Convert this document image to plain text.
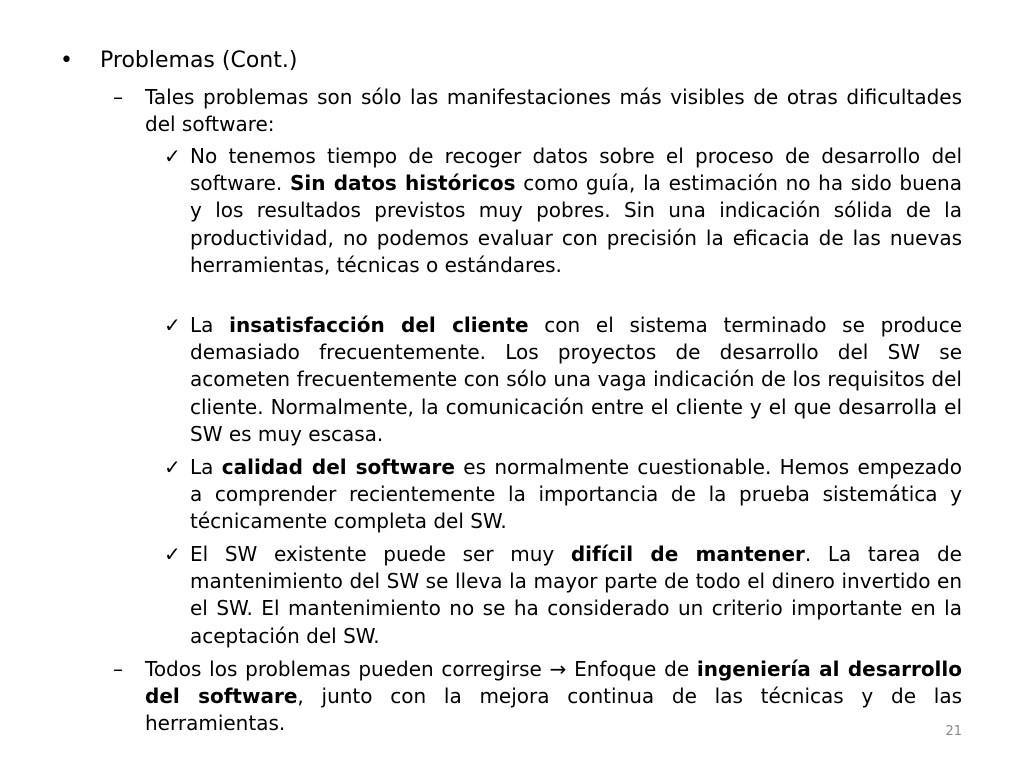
•	Problemas (Cont.)
–	Tales problemas son sólo las manifestaciones más visibles de otras dificultades del software:
✓ No tenemos tiempo de recoger datos sobre el proceso de desarrollo del software. Sin datos históricos como guía, la estimación no ha sido buena y los resultados previstos muy pobres. Sin una indicación sólida de la productividad, no podemos evaluar con precisión la eficacia de las nuevas herramientas, técnicas o estándares.
✓ La insatisfacción del cliente con el sistema terminado se produce demasiado frecuentemente. Los proyectos de desarrollo del SW se acometen frecuentemente con sólo una vaga indicación de los requisitos del cliente. Normalmente, la comunicación entre el cliente y el que desarrolla el SW es muy escasa.
✓ La calidad del software es normalmente cuestionable. Hemos empezado a comprender recientemente la importancia de la prueba sistemática y técnicamente completa del SW.
✓ El SW existente puede ser muy difícil de mantener. La tarea de mantenimiento del SW se lleva la mayor parte de todo el dinero invertido en el SW. El mantenimiento no se ha considerado un criterio importante en la aceptación del SW.
–	Todos los problemas pueden corregirse → Enfoque de ingeniería al desarrollo del software, junto con la mejora continua de las técnicas y de las herramientas.	21
